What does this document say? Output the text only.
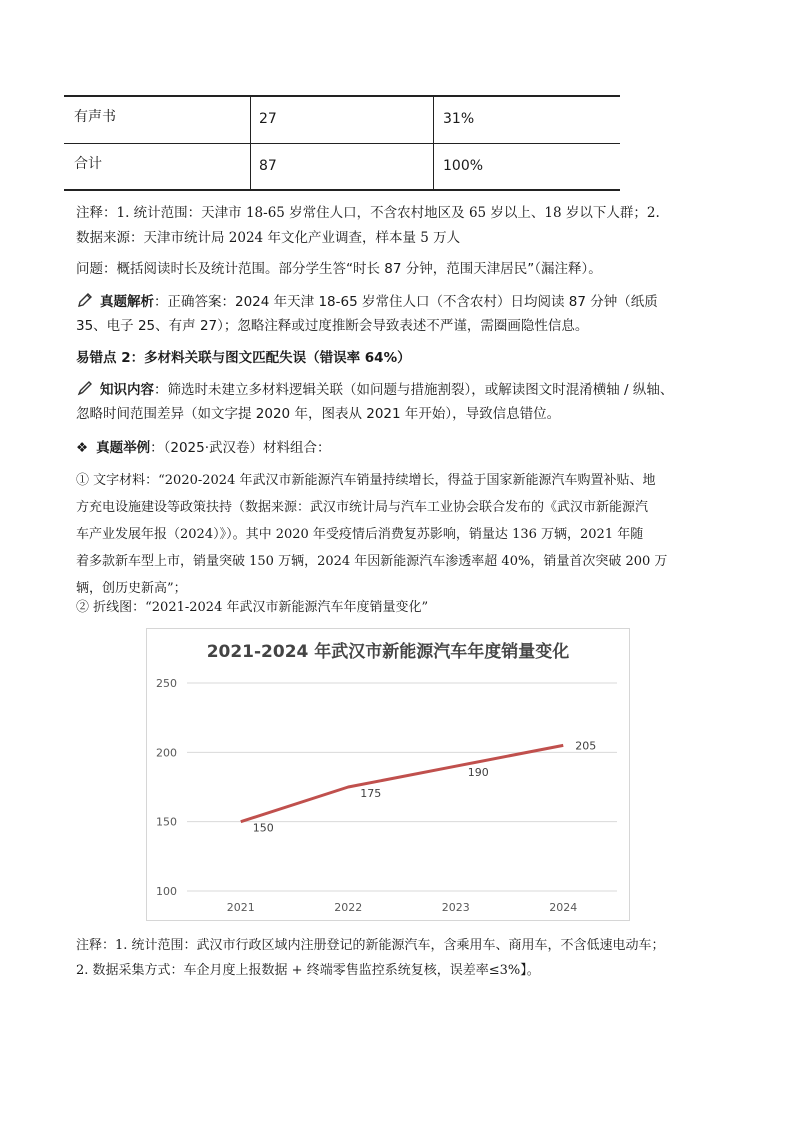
有声书	27	31%
合计	87	100%
注释：1. 统计范围：天津市 18-65 岁常住人口，不含农村地区及 65 岁以上、18 岁以下人群；2.
数据来源：天津市统计局 2024 年文化产业调查，样本量 5 万人
问题：概括阅读时长及统计范围。部分学生答“时长 87 分钟，范围天津居民”（漏注释）。
真题解析：正确答案：2024 年天津 18-65 岁常住人口（不含农村）日均阅读 87 分钟（纸质
35、电子 25、有声 27）；忽略注释或过度推断会导致表述不严谨，需圈画隐性信息。
易错点 2：多材料关联与图文匹配失误（错误率 64%）
知识内容：筛选时未建立多材料逻辑关联（如问题与措施割裂），或解读图文时混淆横轴 / 纵轴、
忽略时间范围差异（如文字提 2020 年，图表从 2021 年开始），导致信息错位。
❖ 真题举例：（2025·武汉卷）材料组合：
① 文字材料：“2020-2024 年武汉市新能源汽车销量持续增长，得益于国家新能源汽车购置补贴、地
方充电设施建设等政策扶持（数据来源：武汉市统计局与汽车工业协会联合发布的《武汉市新能源汽
车产业发展年报（2024）》）。其中 2020 年受疫情后消费复苏影响，销量达 136 万辆，2021 年随
着多款新车型上市，销量突破 150 万辆，2024 年因新能源汽车渗透率超 40%，销量首次突破 200 万
辆，创历史新高”；
② 折线图：“2021-2024 年武汉市新能源汽车年度销量变化”
2021-2024 年武汉市新能源汽车年度销量变化
100
150
200
250
2021	2022	2023	2024
150
175
190
205
注释：1. 统计范围：武汉市行政区域内注册登记的新能源汽车，含乘用车、商用车，不含低速电动车；
2. 数据采集方式：车企月度上报数据 + 终端零售监控系统复核，误差率≤3%】。
